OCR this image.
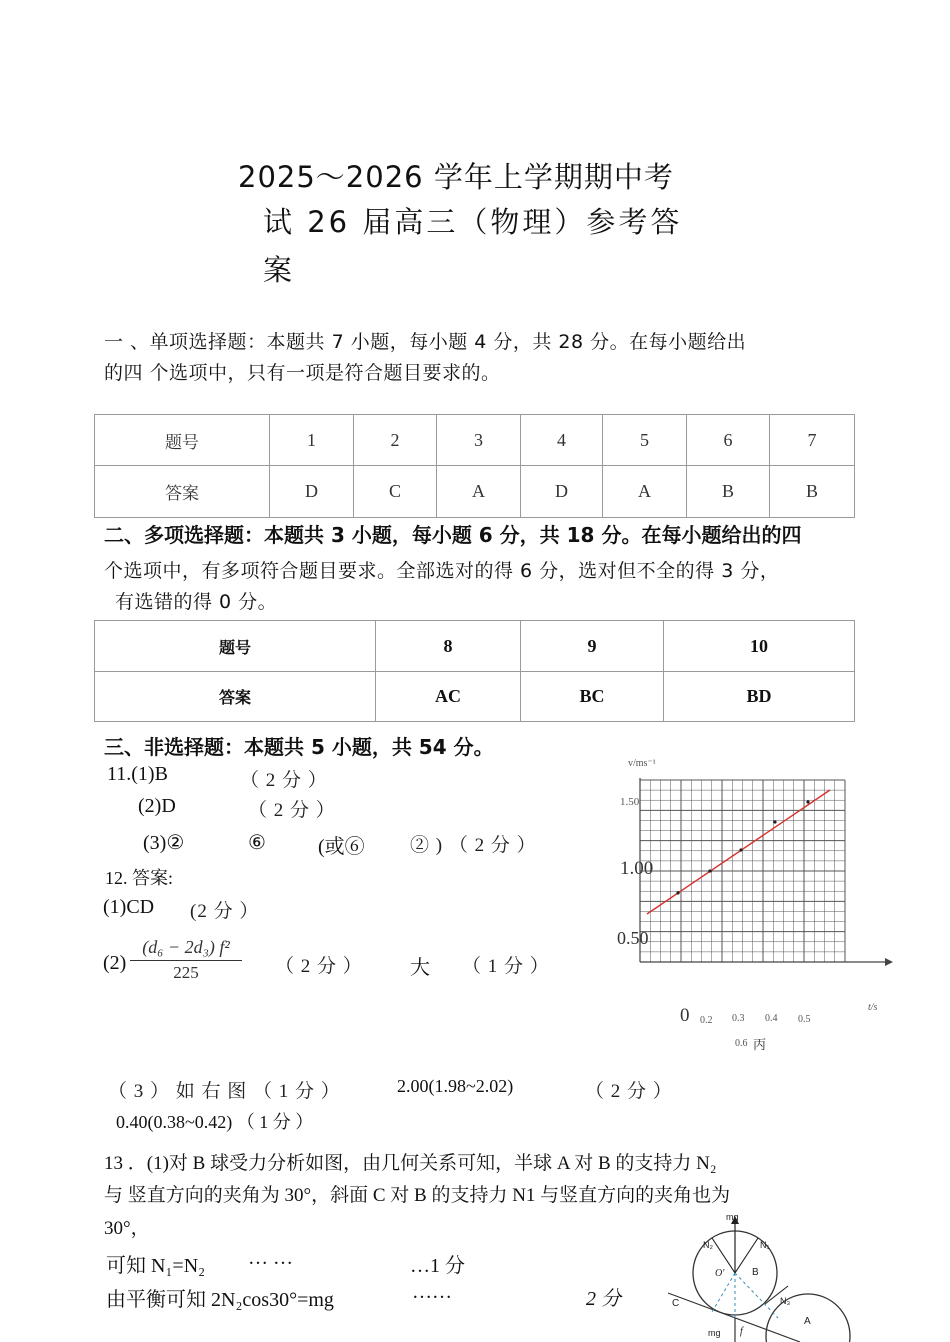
2025～2026 学年上学期期中考
试 26 届高三（物理）参考答
案
一 、单项选择题：本题共 7 小题，每小题 4 分，共 28 分。在每小题给出
的四 个选项中，只有一项是符合题目要求的。
题号	1	2	3	4	5	6	7
答案	D	C	A	D	A	B	B
二、多项选择题：本题共 3 小题，每小题 6 分，共 18 分。在每小题给出的四
个选项中，有多项符合题目要求。全部选对的得 6 分，选对但不全的得 3 分，
有选错的得 0 分。
题号	8	9	10
答案	AC	BC	BD
三、非选择题：本题共 5 小题，共 54 分。
11.(1)B	（ 2 分 ）
(2)D	（ 2 分 ）
(3)②	⑥	(或⑥ ② ) （ 2 分 ）
12. 答案:
(1)CD (2 分 ）
$(2) \frac{\text{(d₆ − 2d₃) f²}}{225}$ （ 2 分 ） 大 （ 1 分 ）
（ 3 ） 如 右 图 （ 1 分 ）	2.00(1.98~2.02)	（ 2 分 ）
0.40(0.38~0.42) （ 1 分 ）
13 ．(1)对 B 球受力分析如图，由几何关系可知，半球 A 对 B 的支持力 N₂
与 竖直方向的夹角为 30°，斜面 C 对 B 的支持力 N1 与竖直方向的夹角也为
30°，
可知 N₁=N₂ … …	…1 分
由平衡可知 2N₂cos30°=mg	……	2 分
v/ms⁻¹
1.50
1.00
0.50
t/s
0 0.2 0.3 0.4 0.5
0.6 丙
mg
N₂	N₁
O'	B
C	N₃
A
mg f
